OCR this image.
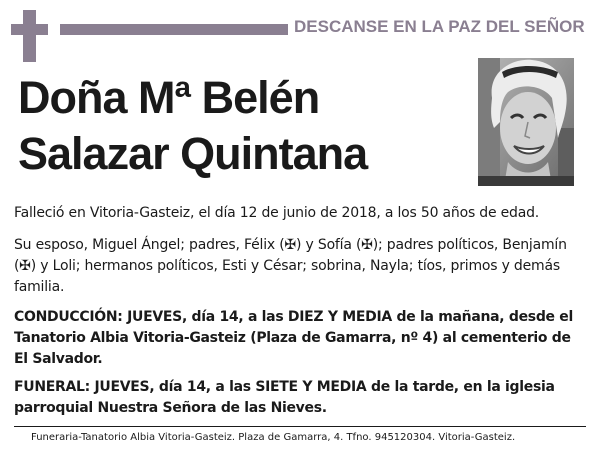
DESCANSE EN LA PAZ DEL SEÑOR
Doña Mª Belén
Salazar Quintana

Falleció en Vitoria-Gasteiz, el día 12 de junio de 2018, a los 50 años de edad.

Su esposo, Miguel Ángel; padres, Félix (✠) y Sofía (✠); padres políticos, Benjamín (✠) y Loli; hermanos políticos, Esti y César; sobrina, Nayla; tíos, primos y demás familia.

CONDUCCIÓN: JUEVES, día 14, a las DIEZ Y MEDIA de la mañana, desde el Tanatorio Albia Vitoria-Gasteiz (Plaza de Gamarra, nº 4) al cementerio de El Salvador.

FUNERAL: JUEVES, día 14, a las SIETE Y MEDIA de la tarde, en la iglesia parroquial Nuestra Señora de las Nieves.

Funeraria-Tanatorio Albia Vitoria-Gasteiz. Plaza de Gamarra, 4. Tfno. 945120304. Vitoria-Gasteiz.
